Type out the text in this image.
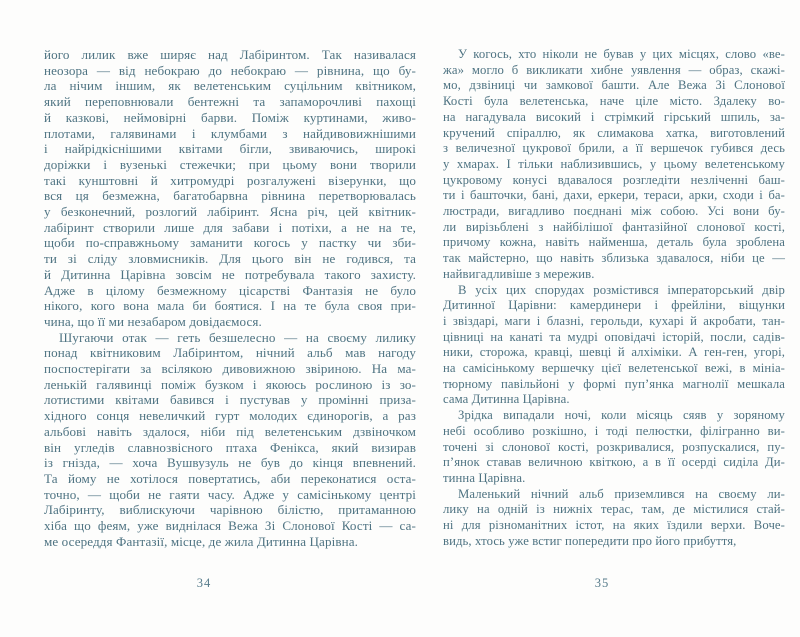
його лилик вже ширяє над Лабіринтом. Так називалася
неозора — від небокраю до небокраю — рівнина, що бу-
ла нічим іншим, як велетенським суцільним квітником,
який переповнювали бентежні та запаморочливі пахощі
й казкові, неймовірні барви. Поміж куртинами, живо-
плотами, галявинами і клумбами з найдивовижнішими
і найрідкіснішими квітами бігли, звиваючись, широкі
доріжки і вузенькі стежечки; при цьому вони творили
такі кунштовні й хитромудрі розгалужені візерунки, що
вся ця безмежна, багатобарвна рівнина перетворювалась
у безконечний, розлогий лабіринт. Ясна річ, цей квітник-
лабіринт створили лише для забави і потіхи, а не на те,
щоби по-справжньому заманити когось у пастку чи зби-
ти зі сліду зловмисників. Для цього він не годився, та
й Дитинна Царівна зовсім не потребувала такого захисту.
Адже в цілому безмежному цісарстві Фантазія не було
нікого, кого вона мала би боятися. І на те була своя при-
чина, що її ми незабаром довідаємося.
Шугаючи отак — геть безшелесно — на своєму лилику
понад квітниковим Лабіринтом, нічний альб мав нагоду
поспостерігати за всілякою дивовижною звіриною. На ма-
ленькій галявинці поміж бузком і якоюсь рослиною із зо-
лотистими квітами бавився і пустував у промінні приза-
хідного сонця невеличкий гурт молодих єдинорогів, а раз
альбові навіть здалося, ніби під велетенським дзвіночком
він угледів славнозвісного птаха Фенікса, який визирав
із гнізда, — хоча Вушвузуль не був до кінця впевнений.
Та йому не хотілося повертатись, аби переконатися оста-
точно, — щоби не гаяти часу. Адже у самісінькому центрі
Лабіринту, виблискуючи чарівною білістю, притаманною
хіба що феям, уже виднілася Вежа Зі Слонової Кості — са-
ме осереддя Фантазії, місце, де жила Дитинна Царівна.
34
У когось, хто ніколи не бував у цих місцях, слово «ве-
жа» могло б викликати хибне уявлення — образ, скажі-
мо, дзвіниці чи замкової башти. Але Вежа Зі Слонової
Кості була велетенська, наче ціле місто. Здалеку во-
на нагадувала високий і стрімкий гірський шпиль, за-
кручений спіраллю, як слимакова хатка, виготовлений
з величезної цукрової брили, а її вершечок губився десь
у хмарах. І тільки наблизившись, у цьому велетенському
цукровому конусі вдавалося розгледіти незліченні баш-
ти і башточки, бані, дахи, еркери, тераси, арки, сходи і ба-
люстради, вигадливо поєднані між собою. Усі вони бу-
ли вирізьблені з найбілішої фантазійної слонової кості,
причому кожна, навіть найменша, деталь була зроблена
так майстерно, що навіть зблизька здавалося, ніби це —
найвигадливіше з мережив.
В усіх цих спорудах розмістився імператорський двір
Дитинної Царівни: камердинери і фрейліни, віщунки
і звіздарі, маги і блазні, герольди, кухарі й акробати, тан-
цівниці на канаті та мудрі оповідачі історій, посли, садів-
ники, сторожа, кравці, шевці й алхіміки. А ген-ген, угорі,
на самісінькому вершечку цієї велетенської вежі, в мініа-
тюрному павільйоні у формі пуп’янка магнолії мешкала
сама Дитинна Царівна.
Зрідка випадали ночі, коли місяць сяяв у зоряному
небі особливо розкішно, і тоді пелюстки, філігранно ви-
точені зі слонової кості, розкривалися, розпускалися, пу-
п’янок ставав величною квіткою, а в її осерді сиділа Ди-
тинна Царівна.
Маленький нічний альб приземлився на своєму ли-
лику на одній із нижніх терас, там, де містилися стай-
ні для різноманітних істот, на яких їздили верхи. Воче-
видь, хтось уже встиг попередити про його прибуття,
35
